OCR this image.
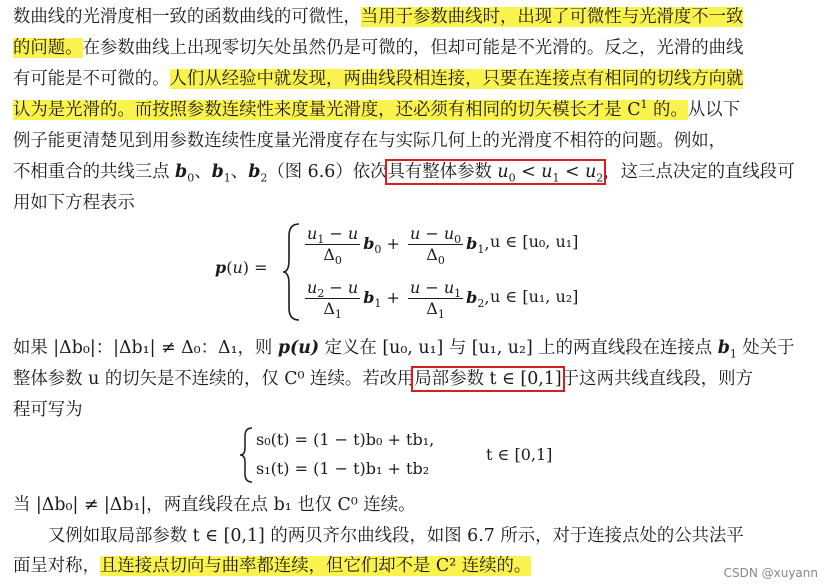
数曲线的光滑度相一致的函数曲线的可微性，当用于参数曲线时，出现了可微性与光滑度不一致
的问题。在参数曲线上出现零切矢处虽然仍是可微的，但却可能是不光滑的。反之，光滑的曲线
有可能是不可微的。人们从经验中就发现，两曲线段相连接，只要在连接点有相同的切线方向就
认为是光滑的。而按照参数连续性来度量光滑度，还必须有相同的切矢模长才是 $C^1$ 的。从以下
例子能更清楚见到用参数连续性度量光滑度存在与实际几何上的光滑度不相符的问题。例如，
不相重合的共线三点 $b_0$、$b_1$、$b_2$（图 6.6）依次具有整体参数 $u_0 < u_1 < u_2$，这三点决定的直线段可
用如下方程表示
p(u) =
$\frac{u_1 - u}{\Delta_0} b_0 + \frac{u - u_0}{\Delta_0} b_1$, u ∈ [u₀, u₁]
$\frac{u_2 - u}{\Delta_1} b_1 + \frac{u - u_1}{\Delta_1} b_2$, u ∈ [u₁, u₂]
如果 |Δb₀|：|Δb₁| ≠ Δ₀：Δ₁，则 p(u) 定义在 [u₀, u₁] 与 [u₁, u₂] 上的两直线段在连接点 $b_1$ 处关于
整体参数 u 的切矢是不连续的，仅 C⁰ 连续。若改用局部参数 t ∈ [0,1]于这两共线直线段，则方
程可写为
s₀(t) = (1 − t)b₀ + tb₁,
s₁(t) = (1 − t)b₁ + tb₂
t ∈ [0,1]
当 |Δb₀| ≠ |Δb₁|，两直线段在点 b₁ 也仅 C⁰ 连续。
又例如取局部参数 t ∈ [0,1] 的两贝齐尔曲线段，如图 6.7 所示，对于连接点处的公共法平
面呈对称，且连接点切向与曲率都连续，但它们却不是 C² 连续的。	CSDN @xuyann
